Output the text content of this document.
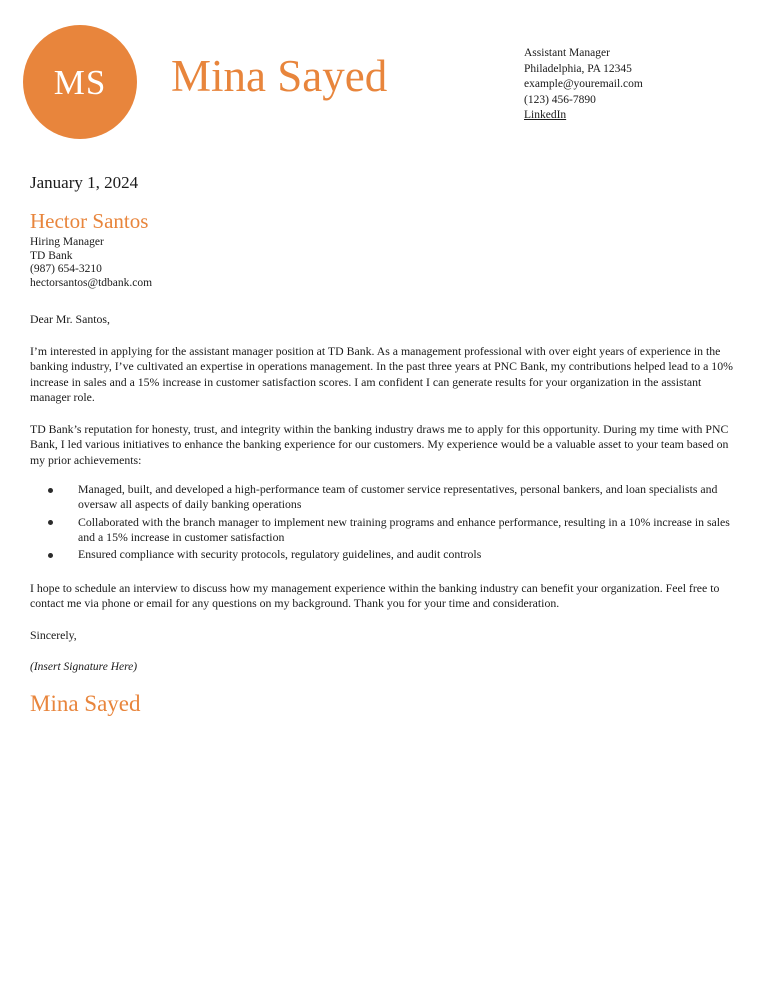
MS Mina Sayed	Assistant Manager
Philadelphia, PA 12345
example@youremail.com
(123) 456-7890
LinkedIn
January 1, 2024
Hector Santos
Hiring Manager
TD Bank
(987) 654-3210
hectorsantos@tdbank.com
Dear Mr. Santos,
I’m interested in applying for the assistant manager position at TD Bank. As a management professional with over eight years of experience in the banking industry, I’ve cultivated an expertise in operations management. In the past three years at PNC Bank, my contributions helped lead to a 10% increase in sales and a 15% increase in customer satisfaction scores. I am confident I can generate results for your organization in the assistant manager role.
TD Bank’s reputation for honesty, trust, and integrity within the banking industry draws me to apply for this opportunity. During my time with PNC Bank, I led various initiatives to enhance the banking experience for our customers. My experience would be a valuable asset to your team based on my prior achievements:
Managed, built, and developed a high-performance team of customer service representatives, personal bankers, and loan specialists and oversaw all aspects of daily banking operations
Collaborated with the branch manager to implement new training programs and enhance performance, resulting in a 10% increase in sales and a 15% increase in customer satisfaction
Ensured compliance with security protocols, regulatory guidelines, and audit controls
I hope to schedule an interview to discuss how my management experience within the banking industry can benefit your organization. Feel free to contact me via phone or email for any questions on my background. Thank you for your time and consideration.
Sincerely,
(Insert Signature Here)
Mina Sayed
